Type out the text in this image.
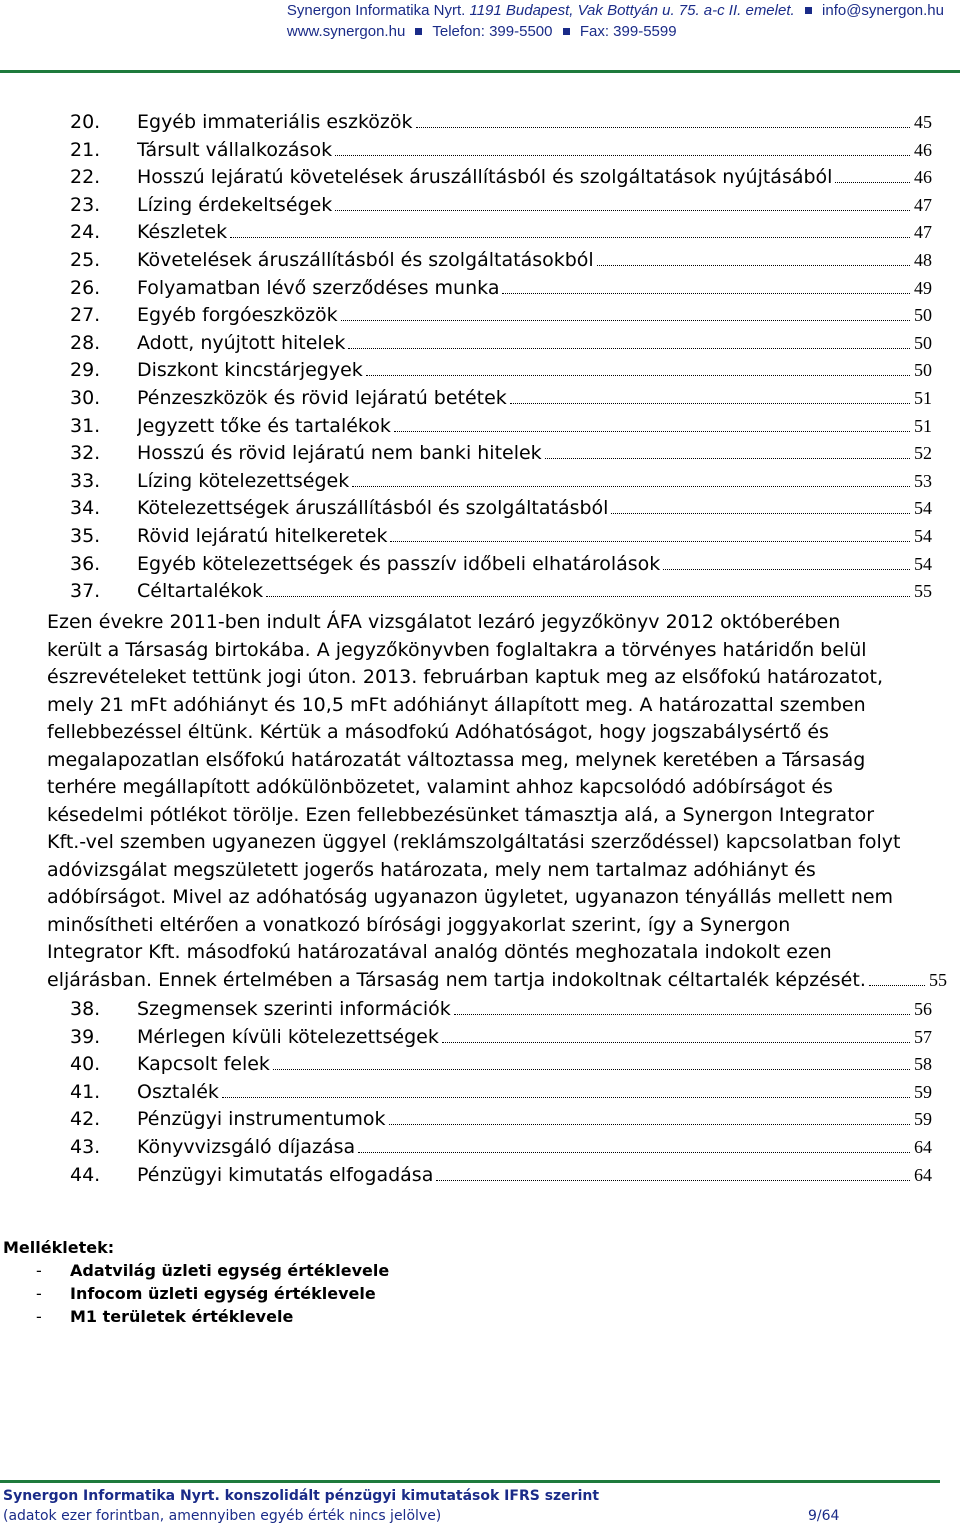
Synergon Informatika Nyrt. 1191 Budapest, Vak Bottyán u. 75. a-c II. emelet. info@synergon.hu
www.synergon.hu Telefon: 399-5500 Fax: 399-5599
20. Egyéb immateriális eszközök	45
21. Társult vállalkozások	46
22. Hosszú lejáratú követelések áruszállításból és szolgáltatások nyújtásából	46
23. Lízing érdekeltségek	47
24. Készletek	47
25. Követelések áruszállításból és szolgáltatásokból	48
26. Folyamatban lévő szerződéses munka	49
27. Egyéb forgóeszközök	50
28. Adott, nyújtott hitelek	50
29. Diszkont kincstárjegyek	50
30. Pénzeszközök és rövid lejáratú betétek	51
31. Jegyzett tőke és tartalékok	51
32. Hosszú és rövid lejáratú nem banki hitelek	52
33. Lízing kötelezettségek	53
34. Kötelezettségek áruszállításból és szolgáltatásból	54
35. Rövid lejáratú hitelkeretek	54
36. Egyéb kötelezettségek és passzív időbeli elhatárolások	54
37. Céltartalékok	55
Ezen évekre 2011-ben indult ÁFA vizsgálatot lezáró jegyzőkönyv 2012 októberében
került a Társaság birtokába. A jegyzőkönyvben foglaltakra a törvényes határidőn belül
észrevételeket tettünk jogi úton. 2013. februárban kaptuk meg az elsőfokú határozatot,
mely 21 mFt adóhiányt és 10,5 mFt adóhiányt állapított meg. A határozattal szemben
fellebbezéssel éltünk. Kértük a másodfokú Adóhatóságot, hogy jogszabálysértő és
megalapozatlan elsőfokú határozatát változtassa meg, melynek keretében a Társaság
terhére megállapított adókülönbözetet, valamint ahhoz kapcsolódó adóbírságot és
késedelmi pótlékot törölje. Ezen fellebbezésünket támasztja alá, a Synergon Integrator
Kft.-vel szemben ugyanezen üggyel (reklámszolgáltatási szerződéssel) kapcsolatban folyt
adóvizsgálat megszületett jogerős határozata, mely nem tartalmaz adóhiányt és
adóbírságot. Mivel az adóhatóság ugyanazon ügyletet, ugyanazon tényállás mellett nem
minősítheti eltérően a vonatkozó bírósági joggyakorlat szerint, így a Synergon
Integrator Kft. másodfokú határozatával analóg döntés meghozatala indokolt ezen
eljárásban. Ennek értelmében a Társaság nem tartja indokoltnak céltartalék képzését.	55
38. Szegmensek szerinti információk	56
39. Mérlegen kívüli kötelezettségek	57
40. Kapcsolt felek	58
41. Osztalék	59
42. Pénzügyi instrumentumok	59
43. Könyvvizsgáló díjazása	64
44. Pénzügyi kimutatás elfogadása	64
Mellékletek:
- Adatvilág üzleti egység értéklevele
- Infocom üzleti egység értéklevele
- M1 területek értéklevele
Synergon Informatika Nyrt. konszolidált pénzügyi kimutatások IFRS szerint
(adatok ezer forintban, amennyiben egyéb érték nincs jelölve)	9/64
